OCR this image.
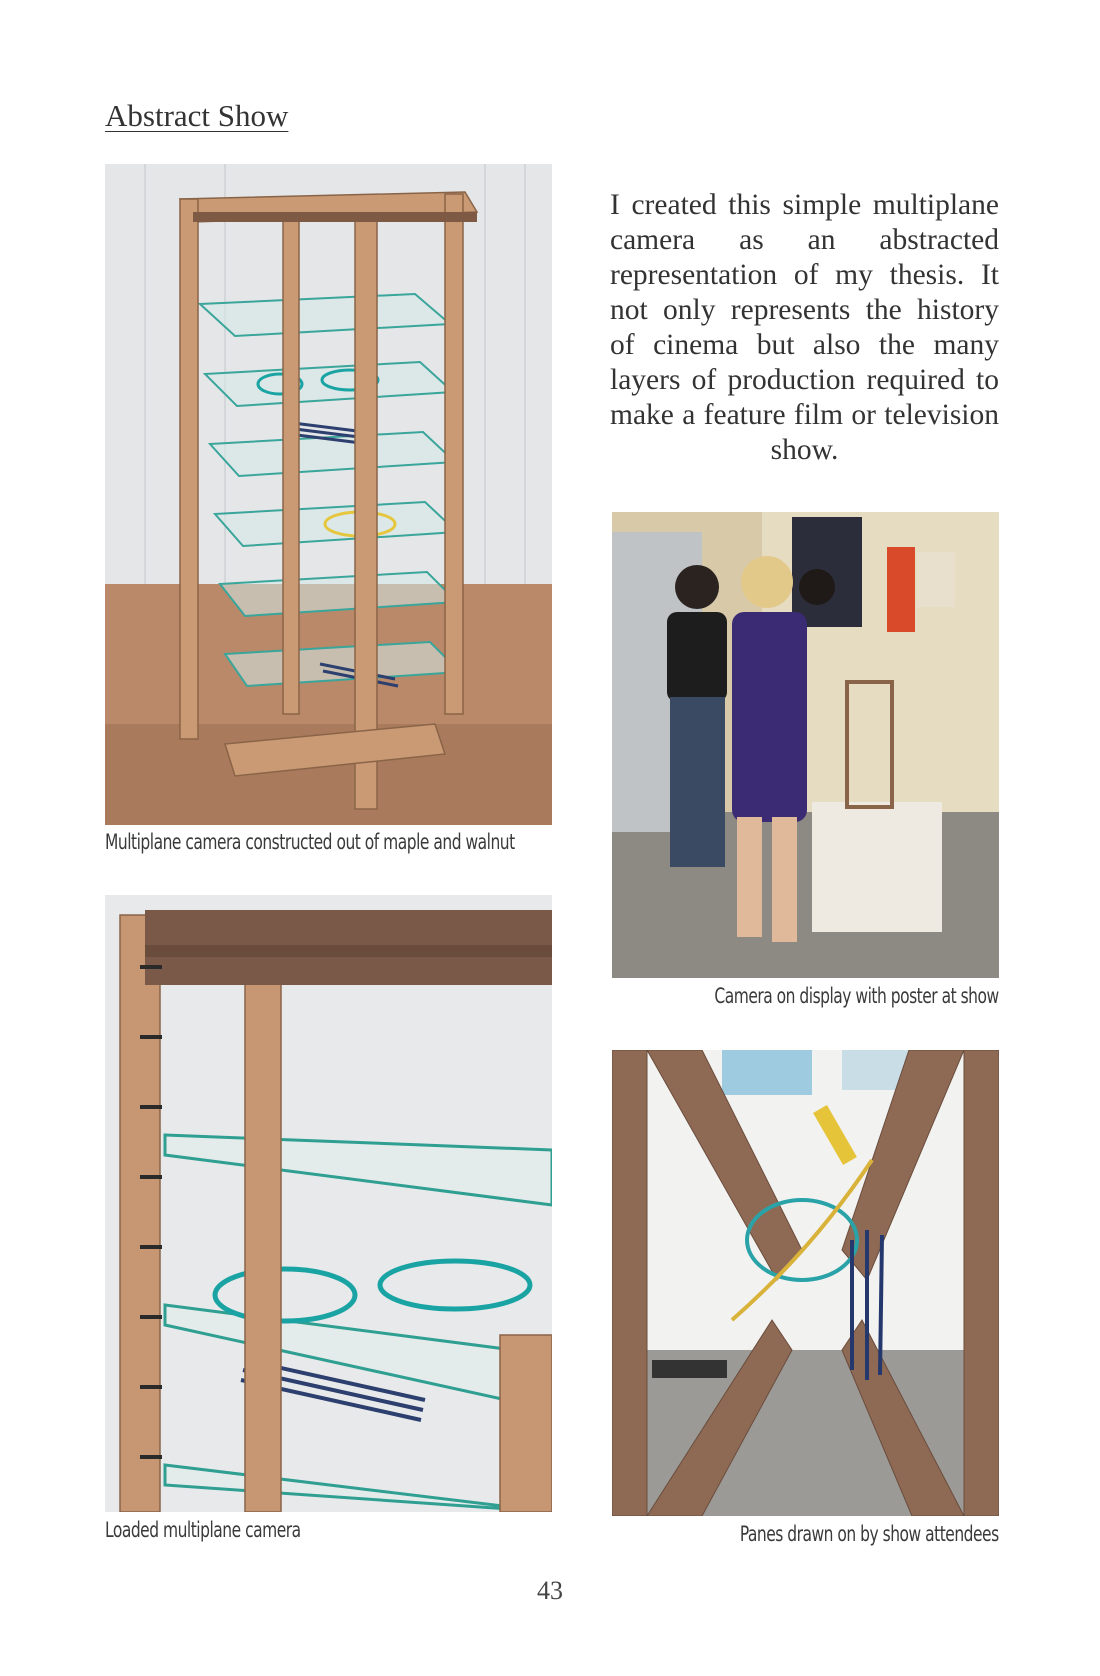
Abstract Show
Multiplane camera constructed out of maple and walnut
Camera on display with poster at show
Loaded multiplane camera	Panes drawn on by show attendees
I created this simple multiplane camera as an abstracted representation of my thesis. It not only represents the history of cinema but also the many layers of production required to make a feature film or television show.
43
